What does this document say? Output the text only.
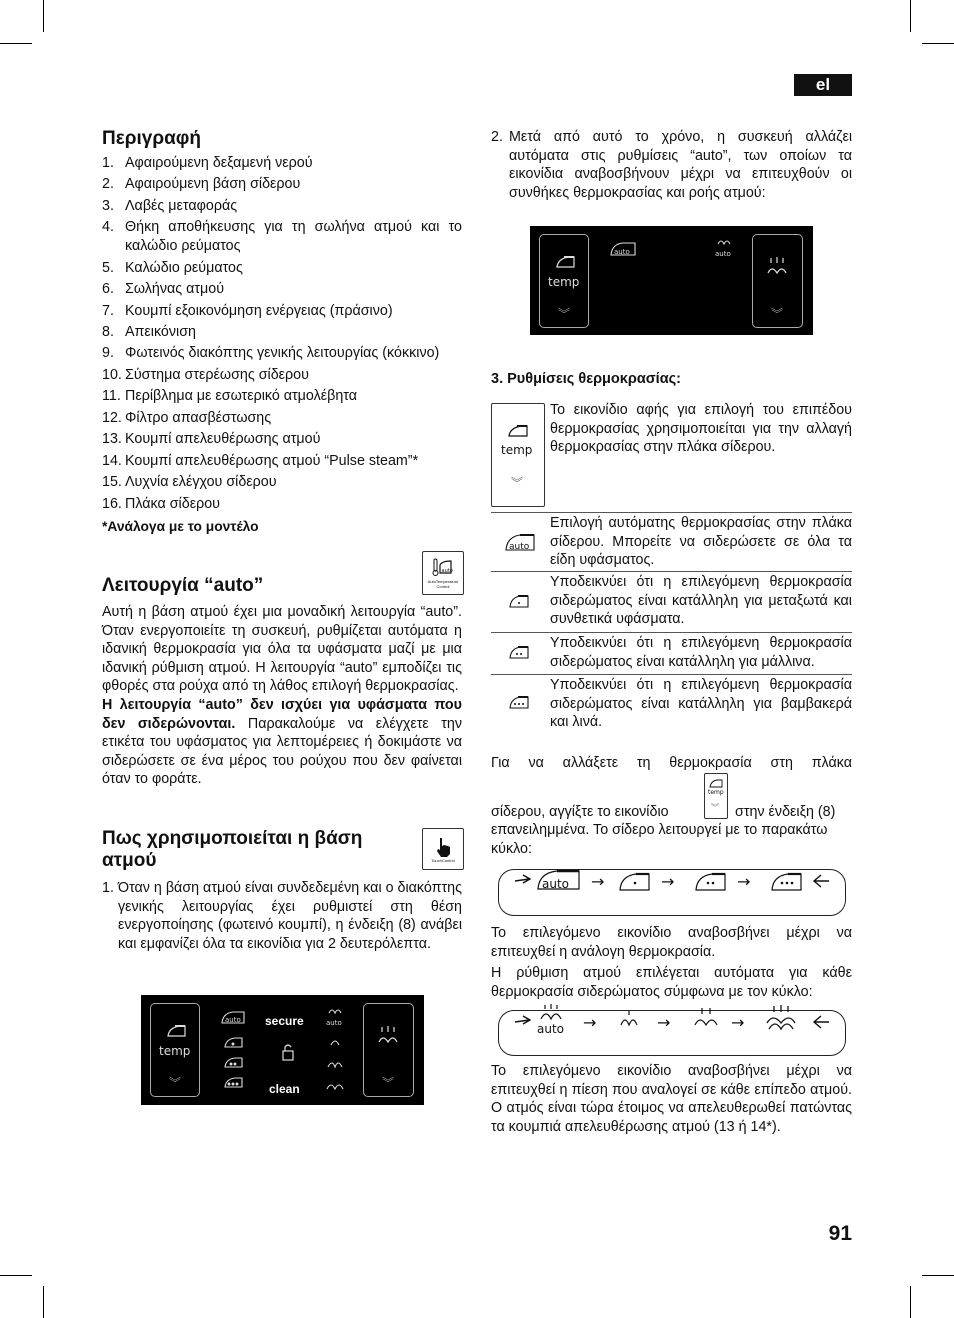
el
91
Περιγραφή
1. Αφαιρούμενη δεξαμενή νερού
2. Αφαιρούμενη βάση σίδερου
3. Λαβές μεταφοράς
4. Θήκη αποθήκευσης για τη σωλήνα ατμού και το καλώδιο ρεύματος
5. Καλώδιο ρεύματος
6. Σωλήνας ατμού
7. Κουμπί εξοικονόμηση ενέργειας (πράσινο)
8. Απεικόνιση
9. Φωτεινός διακόπτης γενικής λειτουργίας (κόκκινο)
10. Σύστημα στερέωσης σίδερου
11. Περίβλημα με εσωτερικό ατμολέβητα
12. Φίλτρο απασβέστωσης
13. Κουμπί απελευθέρωσης ατμού
14. Κουμπί απελευθέρωσης ατμού “Pulse steam”*
15. Λυχνία ελέγχου σίδερου
16. Πλάκα σίδερου

*Ανάλογα με το μοντέλο

Λειτουργία “auto”
auto
AutoTemperature Control

Αυτή η βάση ατμού έχει μια μοναδική λειτουργία “auto”. Όταν ενεργοποιείτε τη συσκευή, ρυθμίζεται αυτόματα η ιδανική θερμοκρασία για όλα τα υφάσματα μαζί με μια ιδανική ρύθμιση ατμού. Η λειτουργία “auto” εμποδίζει τις φθορές στα ρούχα από τη λάθος επιλογή θερμοκρασίας.

Η λειτουργία “auto” δεν ισχύει για υφάσματα που δεν σιδερώνονται. Παρακαλούμε να ελέγχετε την ετικέτα του υφάσματος για λεπτομέρειες ή δοκιμάστε να σιδερώσετε σε ένα μέρος του ρούχου που δεν φαίνεται όταν το φοράτε.

Πως χρησιμοποιείται η βάση ατμού	TouchControl
1. Όταν η βάση ατμού είναι συνδεδεμένη και ο διακόπτης γενικής λειτουργίας έχει ρυθμιστεί στη θέση ενεργοποίησης (φωτεινό κουμπί), η ένδειξη (8) ανάβει και εμφανίζει όλα τα εικονίδια για 2 δευτερόλεπτα.

temp
︾
auto secure
clean
auto
︾
2. Μετά από αυτό το χρόνο, η συσκευή αλλάζει αυτόματα στις ρυθμίσεις “auto”, των οποίων τα εικονίδια αναβοσβήνουν μέχρι να επιτευχθούν οι συνθήκες θερμοκρασίας και ροής ατμού:

temp
︾
auto	auto
︾
3. Ρυθμίσεις θερμοκρασίας:
temp
︾
Το εικονίδιο αφής για επιλογή του επιπέδου θερμοκρασίας χρησιμοποιείται για την αλλαγή θερμοκρασίας στην πλάκα σίδερου.
auto
Επιλογή αυτόματης θερμοκρασίας στην πλάκα σίδερου. Μπορείτε να σιδερώσετε σε όλα τα είδη υφάσματος.
Υποδεικνύει ότι η επιλεγόμενη θερμοκρασία σιδερώματος είναι κατάλληλη για μεταξωτά και συνθετικά υφάσματα.
Υποδεικνύει ότι η επιλεγόμενη θερμοκρασία σιδερώματος είναι κατάλληλη για μάλλινα.
Υποδεικνύει ότι η επιλεγόμενη θερμοκρασία σιδερώματος είναι κατάλληλη για βαμβακερά και λινά.
Για να αλλάξετε τη θερμοκρασία στη πλάκα
σίδερου, αγγίξτε το εικονίδιο
temp
︾ στην ένδειξη (8)
επανειλημμένα. Το σίδερο λειτουργεί με το παρακάτω κύκλο:
auto →	→	→
Το επιλεγόμενο εικονίδιο αναβοσβήνει μέχρι να επιτευχθεί η ανάλογη θερμοκρασία.
Η ρύθμιση ατμού επιλέγεται αυτόματα για κάθε θερμοκρασία σιδερώματος σύμφωνα με τον κύκλο:
auto →	→	→
Το επιλεγόμενο εικονίδιο αναβοσβήνει μέχρι να επιτευχθεί η πίεση που αναλογεί σε κάθε επίπεδο ατμού. Ο ατμός είναι τώρα έτοιμος να απελευθερωθεί πατώντας τα κουμπιά απελευθέρωσης ατμού (13 ή 14*).
